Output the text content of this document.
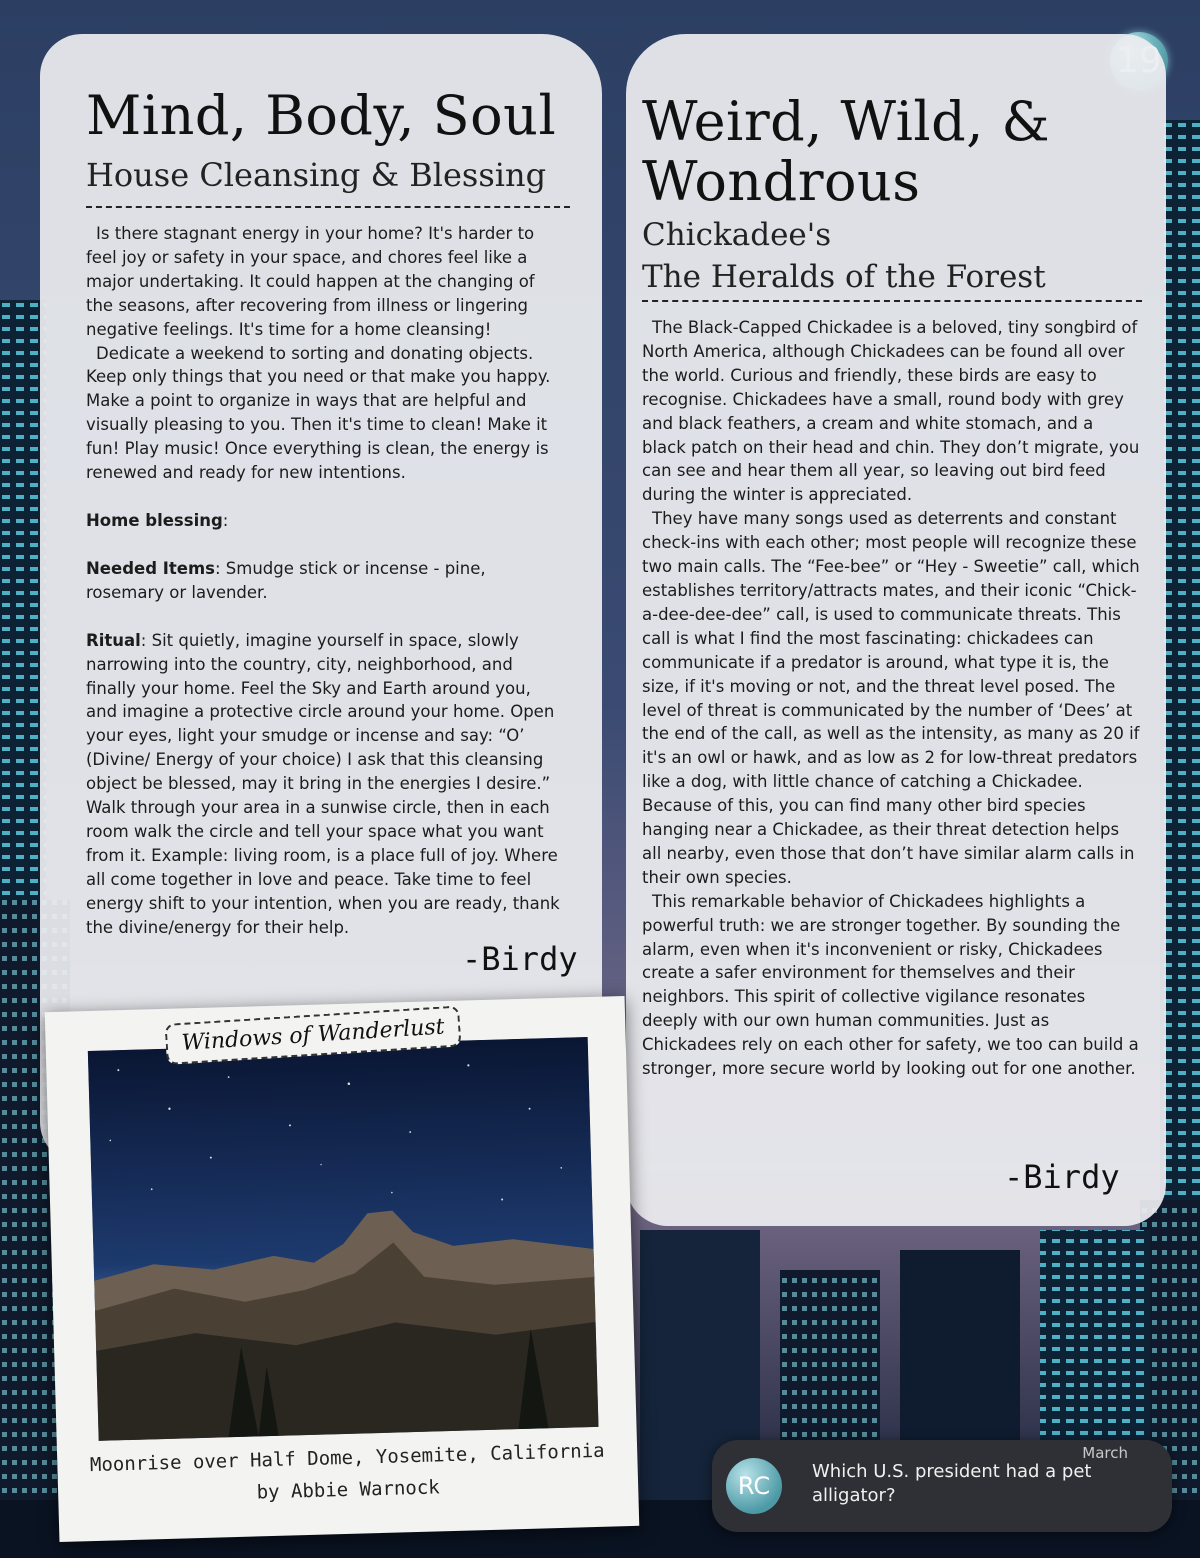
Mind, Body, Soul
House Cleansing & Blessing

Is there stagnant energy in your home? It's harder to feel joy or safety in your space, and chores feel like a major undertaking. It could happen at the changing of the seasons, after recovering from illness or lingering negative feelings. It's time for a home cleansing!

Dedicate a weekend to sorting and donating objects. Keep only things that you need or that make you happy. Make a point to organize in ways that are helpful and visually pleasing to you. Then it's time to clean! Make it fun! Play music! Once everything is clean, the energy is renewed and ready for new intentions.

Home blessing:

Needed Items: Smudge stick or incense - pine, rosemary or lavender.

Ritual: Sit quietly, imagine yourself in space, slowly narrowing into the country, city, neighborhood, and finally your home. Feel the Sky and Earth around you, and imagine a protective circle around your home. Open your eyes, light your smudge or incense and say: “O’ (Divine/ Energy of your choice) I ask that this cleansing object be blessed, may it bring in the energies I desire.” Walk through your area in a sunwise circle, then in each room walk the circle and tell your space what you want from it. Example: living room, is a place full of joy. Where all come together in love and peace. Take time to feel energy shift to your intention, when you are ready, thank the divine/energy for their help.

-Birdy
Weird, Wild, & Wondrous
Chickadee's
The Heralds of the Forest

The Black-Capped Chickadee is a beloved, tiny songbird of North America, although Chickadees can be found all over the world. Curious and friendly, these birds are easy to recognise. Chickadees have a small, round body with grey and black feathers, a cream and white stomach, and a black patch on their head and chin. They don’t migrate, you can see and hear them all year, so leaving out bird feed during the winter is appreciated.

They have many songs used as deterrents and constant check-ins with each other; most people will recognize these two main calls. The “Fee-bee” or “Hey - Sweetie” call, which establishes territory/attracts mates, and their iconic “Chick-a-dee-dee-dee” call, is used to communicate threats. This call is what I find the most fascinating: chickadees can communicate if a predator is around, what type it is, the size, if it's moving or not, and the threat level posed. The level of threat is communicated by the number of ‘Dees’ at the end of the call, as well as the intensity, as many as 20 if it's an owl or hawk, and as low as 2 for low-threat predators like a dog, with little chance of catching a Chickadee. Because of this, you can find many other bird species hanging near a Chickadee, as their threat detection helps all nearby, even those that don’t have similar alarm calls in their own species.

This remarkable behavior of Chickadees highlights a powerful truth: we are stronger together. By sounding the alarm, even when it's inconvenient or risky, Chickadees create a safer environment for themselves and their neighbors. This spirit of collective vigilance resonates deeply with our own human communities. Just as Chickadees rely on each other for safety, we too can build a stronger, more secure world by looking out for one another.

-Birdy
Windows of Wanderlust
Moonrise over Half Dome, Yosemite, California
by Abbie Warnock	RC
March
Which U.S. president had a pet alligator?
